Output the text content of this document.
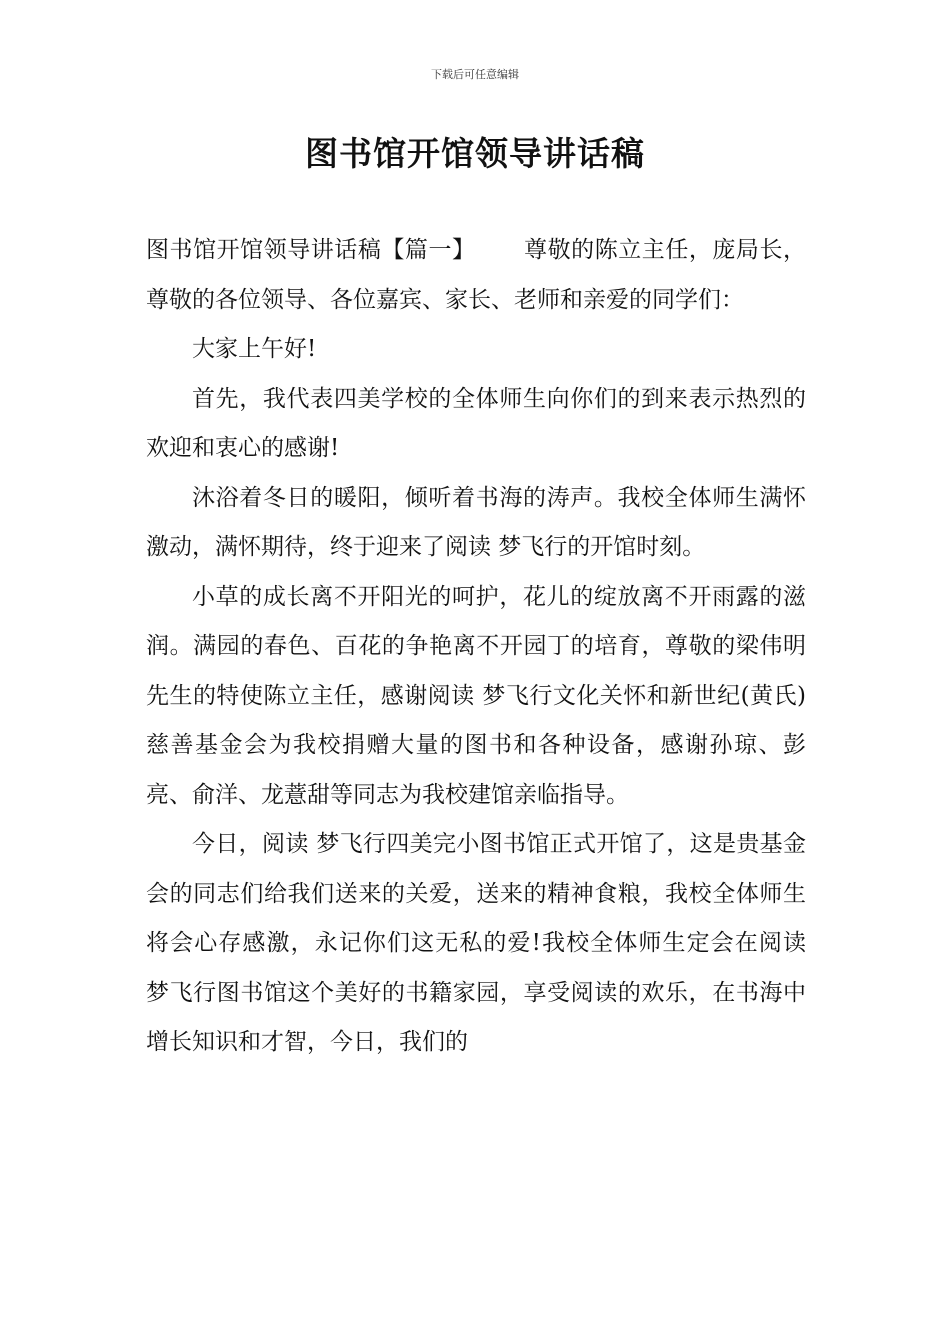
下载后可任意编辑
图书馆开馆领导讲话稿

图书馆开馆领导讲话稿【篇一】 尊敬的陈立主任，庞局长，尊敬的各位领导、各位嘉宾、家长、老师和亲爱的同学们：

大家上午好!

首先，我代表四美学校的全体师生向你们的到来表示热烈的欢迎和衷心的感谢!

沐浴着冬日的暖阳，倾听着书海的涛声。我校全体师生满怀激动，满怀期待，终于迎来了阅读 梦飞行的开馆时刻。

小草的成长离不开阳光的呵护，花儿的绽放离不开雨露的滋润。满园的春色、百花的争艳离不开园丁的培育，尊敬的梁伟明先生的特使陈立主任，感谢阅读 梦飞行文化关怀和新世纪(黄氏)慈善基金会为我校捐赠大量的图书和各种设备，感谢孙琼、彭亮、俞洋、龙薏甜等同志为我校建馆亲临指导。

今日，阅读 梦飞行四美完小图书馆正式开馆了，这是贵基金会的同志们给我们送来的关爱，送来的精神食粮，我校全体师生将会心存感激，永记你们这无私的爱!我校全体师生定会在阅读 梦飞行图书馆这个美好的书籍家园，享受阅读的欢乐，在书海中增长知识和才智，今日，我们的
